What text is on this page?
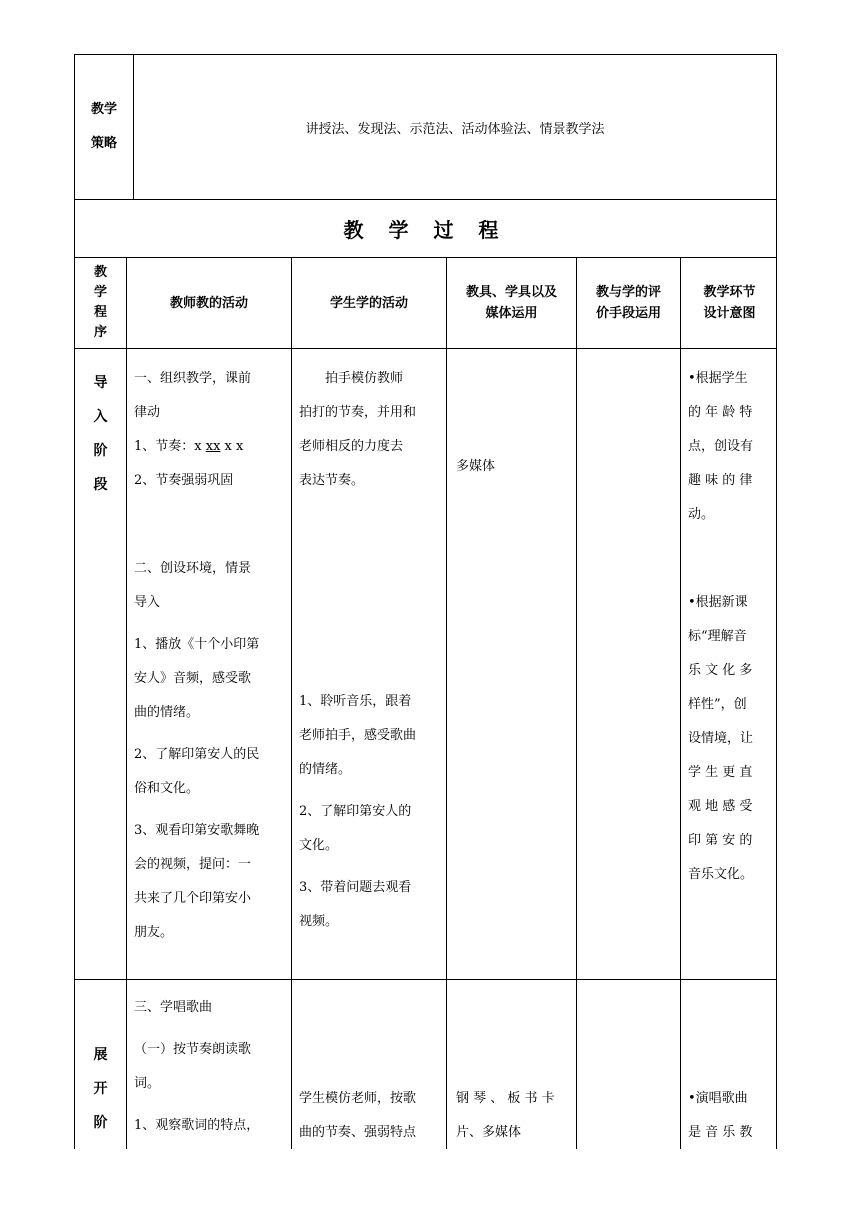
教学
策略
讲授法、发现法、示范法、活动体验法、情景教学法
教 学 过 程
教
学
程
序
教师教的活动	学生学的活动
教具、学具以及
媒体运用
教与学的评
价手段运用
教学环节
设计意图
导
入
阶
段

一、组织教学，课前

律动

1、节奏：x xx x x

2、节奏强弱巩固

二、创设环境，情景

导入

1、播放《十个小印第

安人》音频，感受歌

曲的情绪。

2、了解印第安人的民

俗和文化。

3、观看印第安歌舞晚

会的视频，提问：一

共来了几个印第安小

朋友。

拍手模仿教师

拍打的节奏，并用和

老师相反的力度去

表达节奏。

1、聆听音乐，跟着

老师拍手，感受歌曲

的情绪。

2、了解印第安人的

文化。

3、带着问题去观看

视频。

多媒体

•根据学生

的 年 龄 特

点，创设有

趣 味 的 律

动。

•根据新课

标“理解音

乐 文 化 多

样性”，创

设情境，让

学 生 更 直

观 地 感 受

印 第 安 的

音乐文化。

展
开
阶

三、学唱歌曲

（一）按节奏朗读歌

词。

1、观察歌词的特点，

学生模仿老师，按歌

曲的节奏、强弱特点

钢 琴 、 板 书 卡

片、多媒体

•演唱歌曲

是 音 乐 教
